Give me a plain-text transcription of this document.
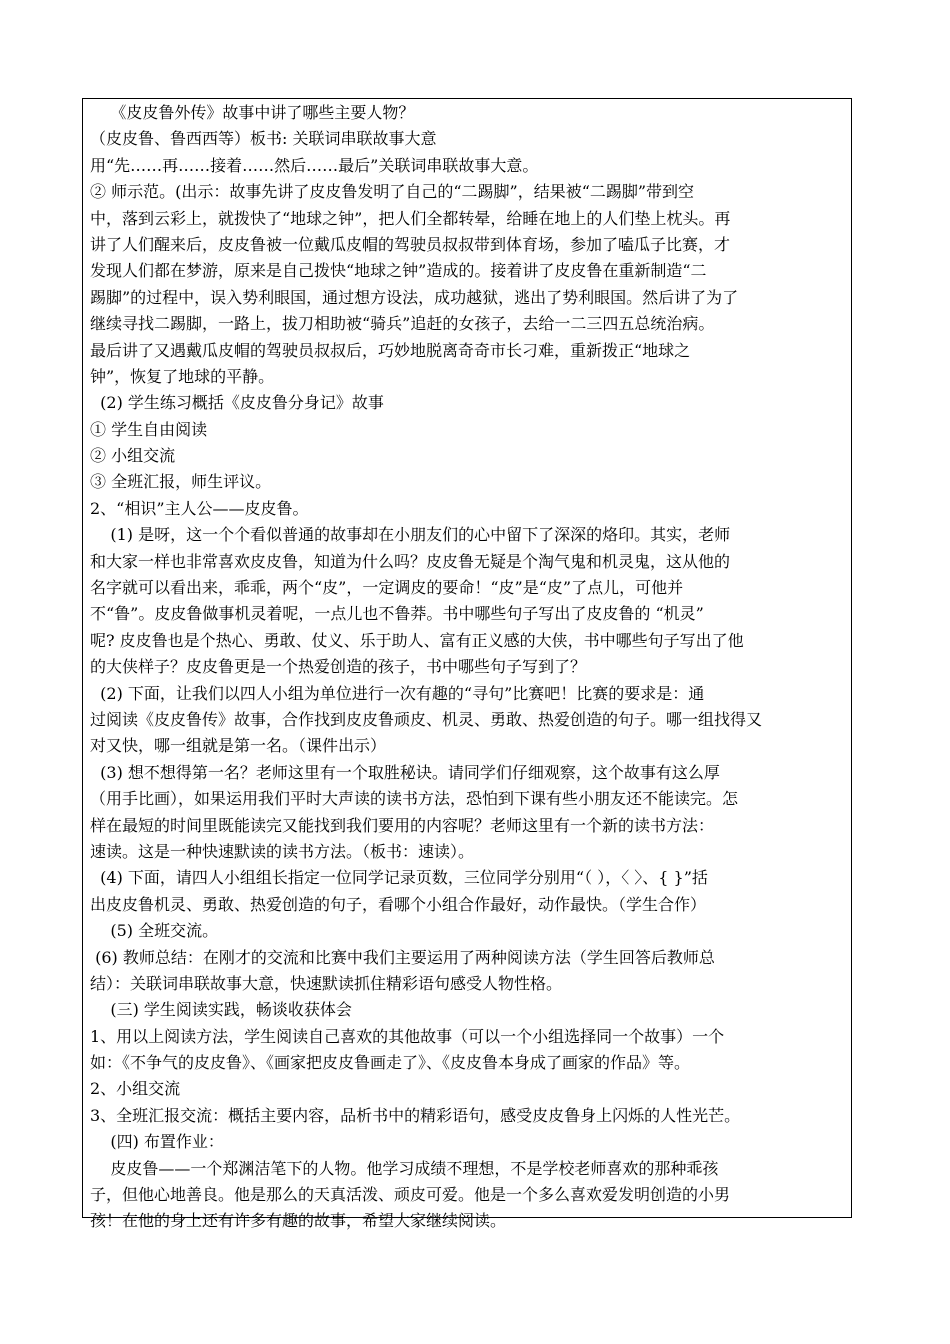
《皮皮鲁外传》故事中讲了哪些主要人物？
（皮皮鲁、鲁西西等）板书: 关联词串联故事大意
用“先……再……接着……然后……最后”关联词串联故事大意。
② 师示范。(出示：故事先讲了皮皮鲁发明了自己的“二踢脚”，结果被“二踢脚”带到空
中，落到云彩上，就拨快了“地球之钟”，把人们全都转晕，给睡在地上的人们垫上枕头。再
讲了人们醒来后，皮皮鲁被一位戴瓜皮帽的驾驶员叔叔带到体育场，参加了嗑瓜子比赛，才
发现人们都在梦游，原来是自己拨快“地球之钟”造成的。接着讲了皮皮鲁在重新制造“二
踢脚”的过程中，误入势利眼国，通过想方设法，成功越狱，逃出了势利眼国。然后讲了为了
继续寻找二踢脚，一路上，拔刀相助被“骑兵”追赶的女孩子，去给一二三四五总统治病。
最后讲了又遇戴瓜皮帽的驾驶员叔叔后，巧妙地脱离奇奇市长刁难，重新拨正“地球之
钟”，恢复了地球的平静。
(2) 学生练习概括《皮皮鲁分身记》故事
① 学生自由阅读
② 小组交流
③ 全班汇报，师生评议。
2、“相识”主人公——皮皮鲁。
(1) 是呀，这一个个看似普通的故事却在小朋友们的心中留下了深深的烙印。其实，老师
和大家一样也非常喜欢皮皮鲁，知道为什么吗？皮皮鲁无疑是个淘气鬼和机灵鬼，这从他的
名字就可以看出来，乖乖，两个“皮”，一定调皮的要命！“皮”是“皮”了点儿，可他并
不“鲁”。皮皮鲁做事机灵着呢，一点儿也不鲁莽。书中哪些句子写出了皮皮鲁的 “机灵”
呢? 皮皮鲁也是个热心、勇敢、仗义、乐于助人、富有正义感的大侠，书中哪些句子写出了他
的大侠样子？皮皮鲁更是一个热爱创造的孩子，书中哪些句子写到了？
(2) 下面，让我们以四人小组为单位进行一次有趣的“寻句”比赛吧！比赛的要求是：通
过阅读《皮皮鲁传》故事，合作找到皮皮鲁顽皮、机灵、勇敢、热爱创造的句子。哪一组找得又
对又快，哪一组就是第一名。（课件出示）
(3) 想不想得第一名？老师这里有一个取胜秘诀。请同学们仔细观察，这个故事有这么厚
（用手比画），如果运用我们平时大声读的读书方法，恐怕到下课有些小朋友还不能读完。怎
样在最短的时间里既能读完又能找到我们要用的内容呢？老师这里有一个新的读书方法：
速读。这是一种快速默读的读书方法。（板书：速读）。
(4) 下面，请四人小组组长指定一位同学记录页数，三位同学分别用“（ ），〈 〉、{ }”括
出皮皮鲁机灵、勇敢、热爱创造的句子，看哪个小组合作最好，动作最快。（学生合作）
(5) 全班交流。
(6) 教师总结：在刚才的交流和比赛中我们主要运用了两种阅读方法（学生回答后教师总
结）：关联词串联故事大意，快速默读抓住精彩语句感受人物性格。
(三) 学生阅读实践，畅谈收获体会
1、用以上阅读方法，学生阅读自己喜欢的其他故事（可以一个小组选择同一个故事）一个
如：《不争气的皮皮鲁》、《画家把皮皮鲁画走了》、《皮皮鲁本身成了画家的作品》等。
2、小组交流
3、全班汇报交流：概括主要内容，品析书中的精彩语句，感受皮皮鲁身上闪烁的人性光芒。
(四) 布置作业：
皮皮鲁——一个郑渊洁笔下的人物。他学习成绩不理想，不是学校老师喜欢的那种乖孩
子，但他心地善良。他是那么的天真活泼、顽皮可爱。他是一个多么喜欢爱发明创造的小男
孩！在他的身上还有许多有趣的故事，希望大家继续阅读。
